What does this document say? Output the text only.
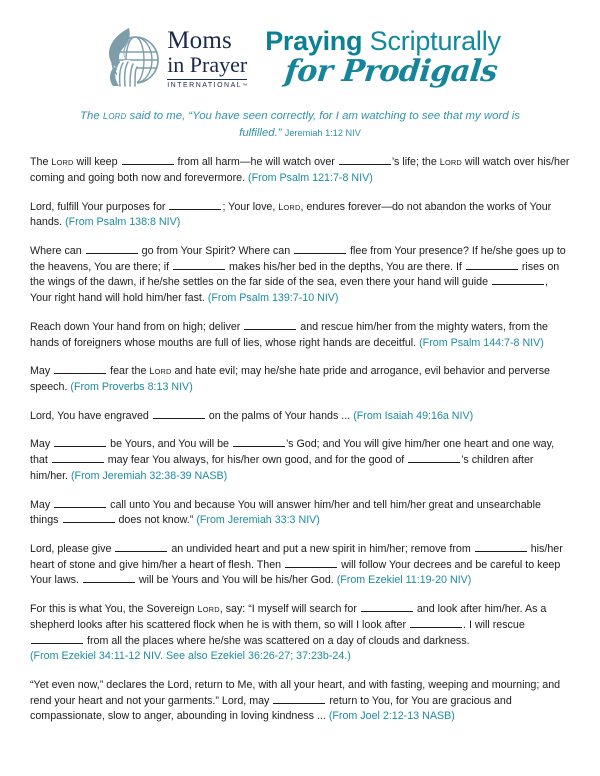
Moms
in Prayer
INTERNATIONAL™
Praying Scripturally
for Prodigals
The LORD said to me, “You have seen correctly, for I am watching to see that my word is fulfilled.” Jeremiah 1:12 NIV

The LORD will keep	from all harm—he will watch over	’s life; the LORD will watch over his/her coming and going both now and forevermore. (From Psalm 121:7-8 NIV)

Lord, fulfill Your purposes for	; Your love, LORD, endures forever—do not abandon the works of Your hands. (From Psalm 138:8 NIV)

Where can	go from Your Spirit? Where can	flee from Your presence? If he/she goes up to the heavens, You are there; if	makes his/her bed in the depths, You are there. If	rises on the wings of the dawn, if he/she settles on the far side of the sea, even there your hand will guide	, Your right hand will hold him/her fast. (From Psalm 139:7-10 NIV)

Reach down Your hand from on high; deliver	and rescue him/her from the mighty waters, from the hands of foreigners whose mouths are full of lies, whose right hands are deceitful. (From Psalm 144:7-8 NIV)

May	fear the LORD and hate evil; may he/she hate pride and arrogance, evil behavior and perverse speech. (From Proverbs 8:13 NIV)

Lord, You have engraved	on the palms of Your hands ... (From Isaiah 49:16a NIV)

May	be Yours, and You will be	’s God; and You will give him/her one heart and one way, that	may fear You always, for his/her own good, and for the good of	’s children after him/her. (From Jeremiah 32:38-39 NASB)

May	call unto You and because You will answer him/her and tell him/her great and unsearchable things	does not know.” (From Jeremiah 33:3 NIV)

Lord, please give	an undivided heart and put a new spirit in him/her; remove from	his/her heart of stone and give him/her a heart of flesh. Then	will follow Your decrees and be careful to keep Your laws.	will be Yours and You will be his/her God. (From Ezekiel 11:19-20 NIV)

For this is what You, the Sovereign LORD, say: “I myself will search for	and look after him/her. As a shepherd looks after his scattered flock when he is with them, so will I look after	. I will rescue  from all the places where he/she was scattered on a day of clouds and darkness.
(From Ezekiel 34:11-12 NIV. See also Ezekiel 36:26-27; 37:23b-24.)

“Yet even now,” declares the Lord, return to Me, with all your heart, and with fasting, weeping and mourning; and rend your heart and not your garments.” Lord, may	return to You, for You are gracious and compassionate, slow to anger, abounding in loving kindness ... (From Joel 2:12-13 NASB)
